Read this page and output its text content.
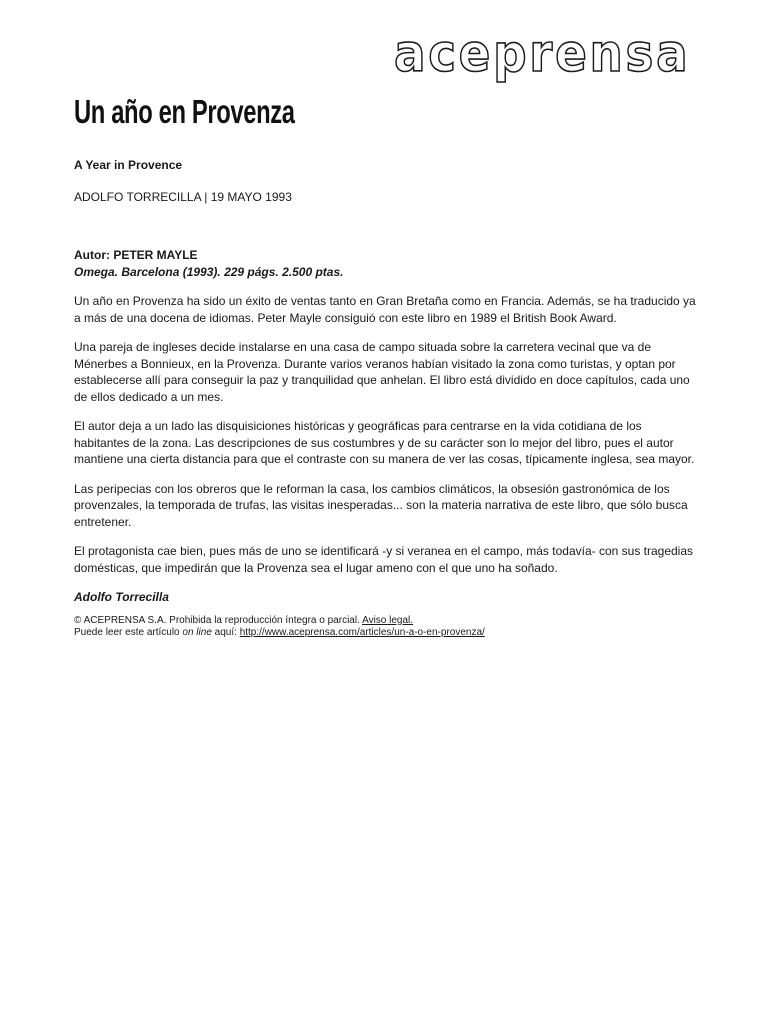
aceprensa
Un año en Provenza

A Year in Provence

ADOLFO TORRECILLA | 19 MAYO 1993

Autor: PETER MAYLE

Omega. Barcelona (1993). 229 págs. 2.500 ptas.

Un año en Provenza ha sido un éxito de ventas tanto en Gran Bretaña como en Francia. Además, se ha traducido ya a más de una docena de idiomas. Peter Mayle consiguió con este libro en 1989 el British Book Award.

Una pareja de ingleses decide instalarse en una casa de campo situada sobre la carretera vecinal que va de Ménerbes a Bonnieux, en la Provenza. Durante varios veranos habían visitado la zona como turistas, y optan por establecerse allí para conseguir la paz y tranquilidad que anhelan. El libro está dividido en doce capítulos, cada uno de ellos dedicado a un mes.

El autor deja a un lado las disquisiciones históricas y geográficas para centrarse en la vida cotidiana de los habitantes de la zona. Las descripciones de sus costumbres y de su carácter son lo mejor del libro, pues el autor mantiene una cierta distancia para que el contraste con su manera de ver las cosas, típicamente inglesa, sea mayor.

Las peripecias con los obreros que le reforman la casa, los cambios climáticos, la obsesión gastronómica de los provenzales, la temporada de trufas, las visitas inesperadas... son la materia narrativa de este libro, que sólo busca entretener.

El protagonista cae bien, pues más de uno se identificará -y si veranea en el campo, más todavía- con sus tragedias domésticas, que impedirán que la Provenza sea el lugar ameno con el que uno ha soñado.

Adolfo Torrecilla

© ACEPRENSA S.A. Prohibida la reproducción íntegra o parcial. Aviso legal.

Puede leer este artículo on line aquí: http://www.aceprensa.com/articles/un-a-o-en-provenza/
